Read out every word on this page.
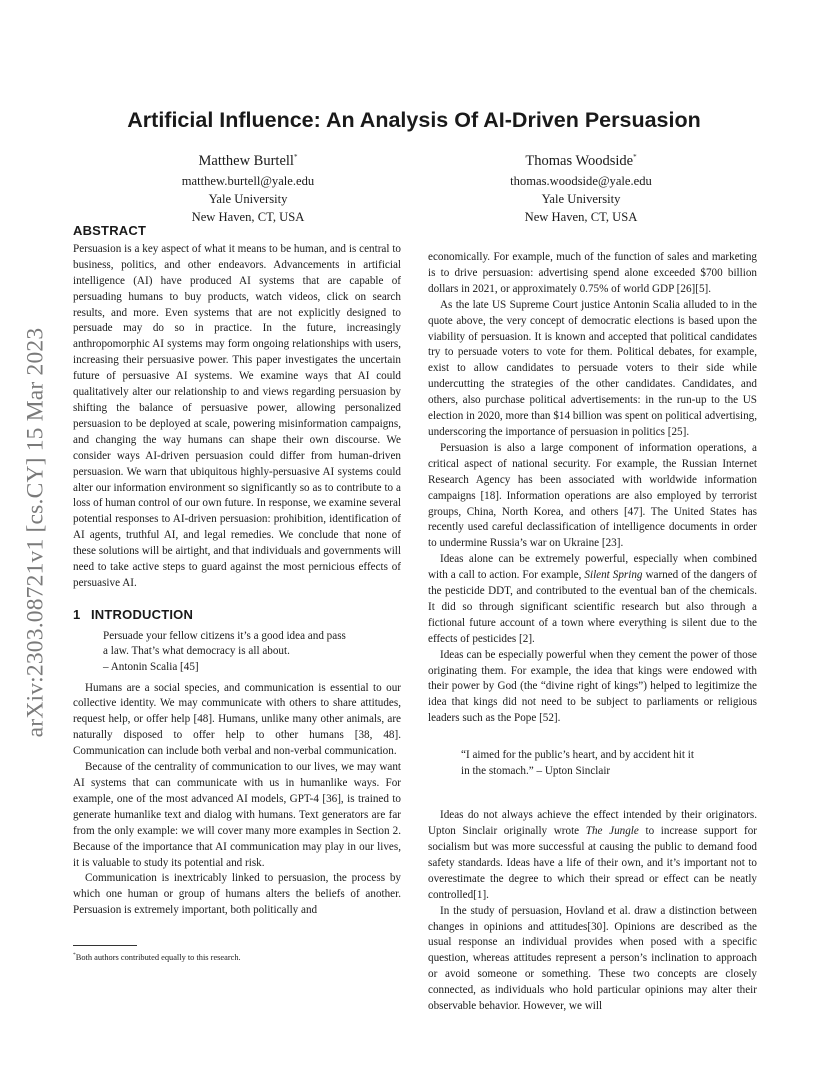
arXiv:2303.08721v1 [cs.CY] 15 Mar 2023
Artificial Influence: An Analysis Of AI-Driven Persuasion
Matthew Burtell*
matthew.burtell@yale.edu
Yale University
New Haven, CT, USA
Thomas Woodside*
thomas.woodside@yale.edu
Yale University
New Haven, CT, USA
ABSTRACT

Persuasion is a key aspect of what it means to be human, and is central to business, politics, and other endeavors. Advancements in artificial intelligence (AI) have produced AI systems that are capable of persuading humans to buy products, watch videos, click on search results, and more. Even systems that are not explicitly designed to persuade may do so in practice. In the future, increasingly anthropomorphic AI systems may form ongoing relationships with users, increasing their persuasive power. This paper investigates the uncertain future of persuasive AI systems. We examine ways that AI could qualitatively alter our relationship to and views regarding persuasion by shifting the balance of persuasive power, allowing personalized persuasion to be deployed at scale, powering misinformation campaigns, and changing the way humans can shape their own discourse. We consider ways AI-driven persuasion could differ from human-driven persuasion. We warn that ubiquitous highly-persuasive AI systems could alter our information environment so significantly so as to contribute to a loss of human control of our own future. In response, we examine several potential responses to AI-driven persuasion: prohibition, identification of AI agents, truthful AI, and legal remedies. We conclude that none of these solutions will be airtight, and that individuals and governments will need to take active steps to guard against the most pernicious effects of persuasive AI.

1 INTRODUCTION
Persuade your fellow citizens it’s a good idea and pass
a law. That’s what democracy is all about.
– Antonin Scalia [45]

Humans are a social species, and communication is essential to our collective identity. We may communicate with others to share attitudes, request help, or offer help [48]. Humans, unlike many other animals, are naturally disposed to offer help to other humans [38, 48]. Communication can include both verbal and non-verbal communication.

Because of the centrality of communication to our lives, we may want AI systems that can communicate with us in humanlike ways. For example, one of the most advanced AI models, GPT-4 [36], is trained to generate humanlike text and dialog with humans. Text generators are far from the only example: we will cover many more examples in Section 2. Because of the importance that AI communication may play in our lives, it is valuable to study its potential and risk.

Communication is inextricably linked to persuasion, the process by which one human or group of humans alters the beliefs of another. Persuasion is extremely important, both politically and

*Both authors contributed equally to this research.

economically. For example, much of the function of sales and marketing is to drive persuasion: advertising spend alone exceeded $700 billion dollars in 2021, or approximately 0.75% of world GDP [26][5].

As the late US Supreme Court justice Antonin Scalia alluded to in the quote above, the very concept of democratic elections is based upon the viability of persuasion. It is known and accepted that political candidates try to persuade voters to vote for them. Political debates, for example, exist to allow candidates to persuade voters to their side while undercutting the strategies of the other candidates. Candidates, and others, also purchase political advertisements: in the run-up to the US election in 2020, more than $14 billion was spent on political advertising, underscoring the importance of persuasion in politics [25].

Persuasion is also a large component of information operations, a critical aspect of national security. For example, the Russian Internet Research Agency has been associated with worldwide information campaigns [18]. Information operations are also employed by terrorist groups, China, North Korea, and others [47]. The United States has recently used careful declassification of intelligence documents in order to undermine Russia’s war on Ukraine [23].

Ideas alone can be extremely powerful, especially when combined with a call to action. For example, Silent Spring warned of the dangers of the pesticide DDT, and contributed to the eventual ban of the chemicals. It did so through significant scientific research but also through a fictional future account of a town where everything is silent due to the effects of pesticides [2].

Ideas can be especially powerful when they cement the power of those originating them. For example, the idea that kings were endowed with their power by God (the “divine right of kings”) helped to legitimize the idea that kings did not need to be subject to parliaments or religious leaders such as the Pope [52].

“I aimed for the public’s heart, and by accident hit it
in the stomach.” – Upton Sinclair

Ideas do not always achieve the effect intended by their originators. Upton Sinclair originally wrote The Jungle to increase support for socialism but was more successful at causing the public to demand food safety standards. Ideas have a life of their own, and it’s important not to overestimate the degree to which their spread or effect can be neatly controlled[1].

In the study of persuasion, Hovland et al. draw a distinction between changes in opinions and attitudes[30]. Opinions are described as the usual response an individual provides when posed with a specific question, whereas attitudes represent a person’s inclination to approach or avoid someone or something. These two concepts are closely connected, as individuals who hold particular opinions may alter their observable behavior. However, we will
